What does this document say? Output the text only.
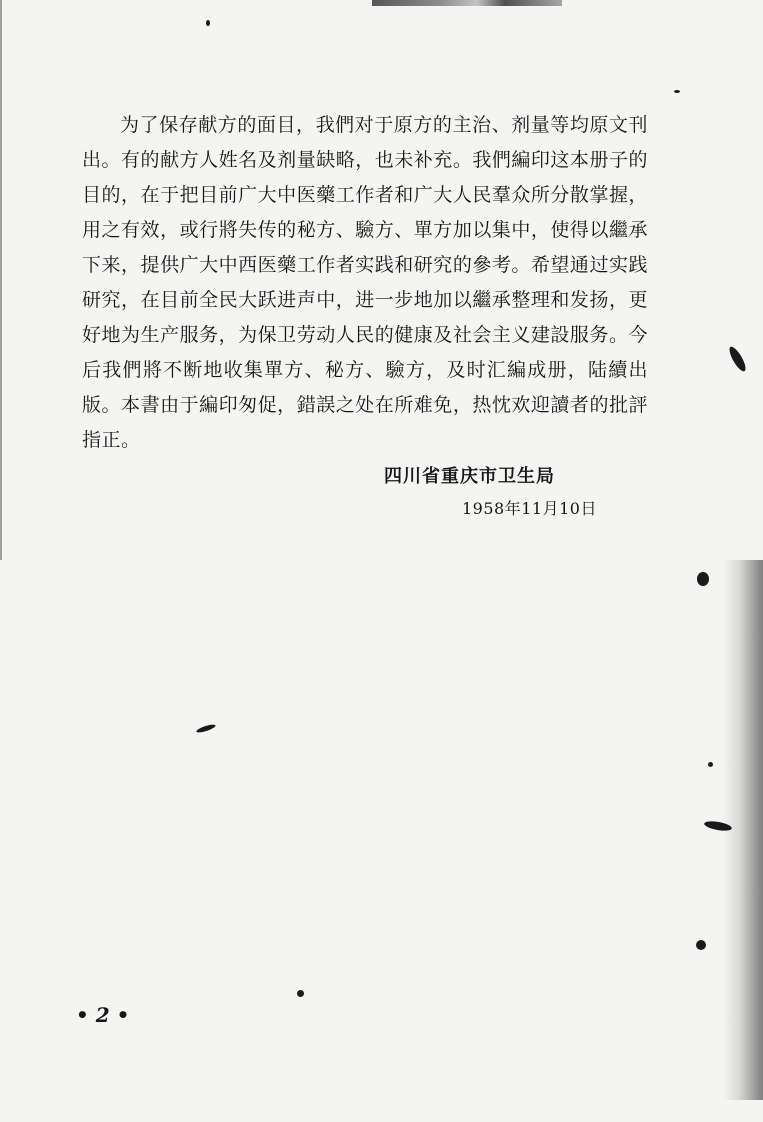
为了保存献方的面目，我們对于原方的主治、剂量等均原文刊出。有的献方人姓名及剂量缺略，也未补充。我們編印这本册子的目的，在于把目前广大中医藥工作者和广大人民羣众所分散掌握，用之有效，或行將失传的秘方、驗方、單方加以集中，使得以繼承下来，提供广大中西医藥工作者实践和研究的參考。希望通过实践研究，在目前全民大跃进声中，进一步地加以繼承整理和发扬，更好地为生产服务，为保卫劳动人民的健康及社会主义建設服务。今后我們將不断地收集單方、秘方、驗方，及时汇編成册，陆續出版。本書由于編印匆促，錯誤之处在所难免，热忱欢迎讀者的批評指正。

四川省重庆市卫生局
1958年11月10日
• 2 •
